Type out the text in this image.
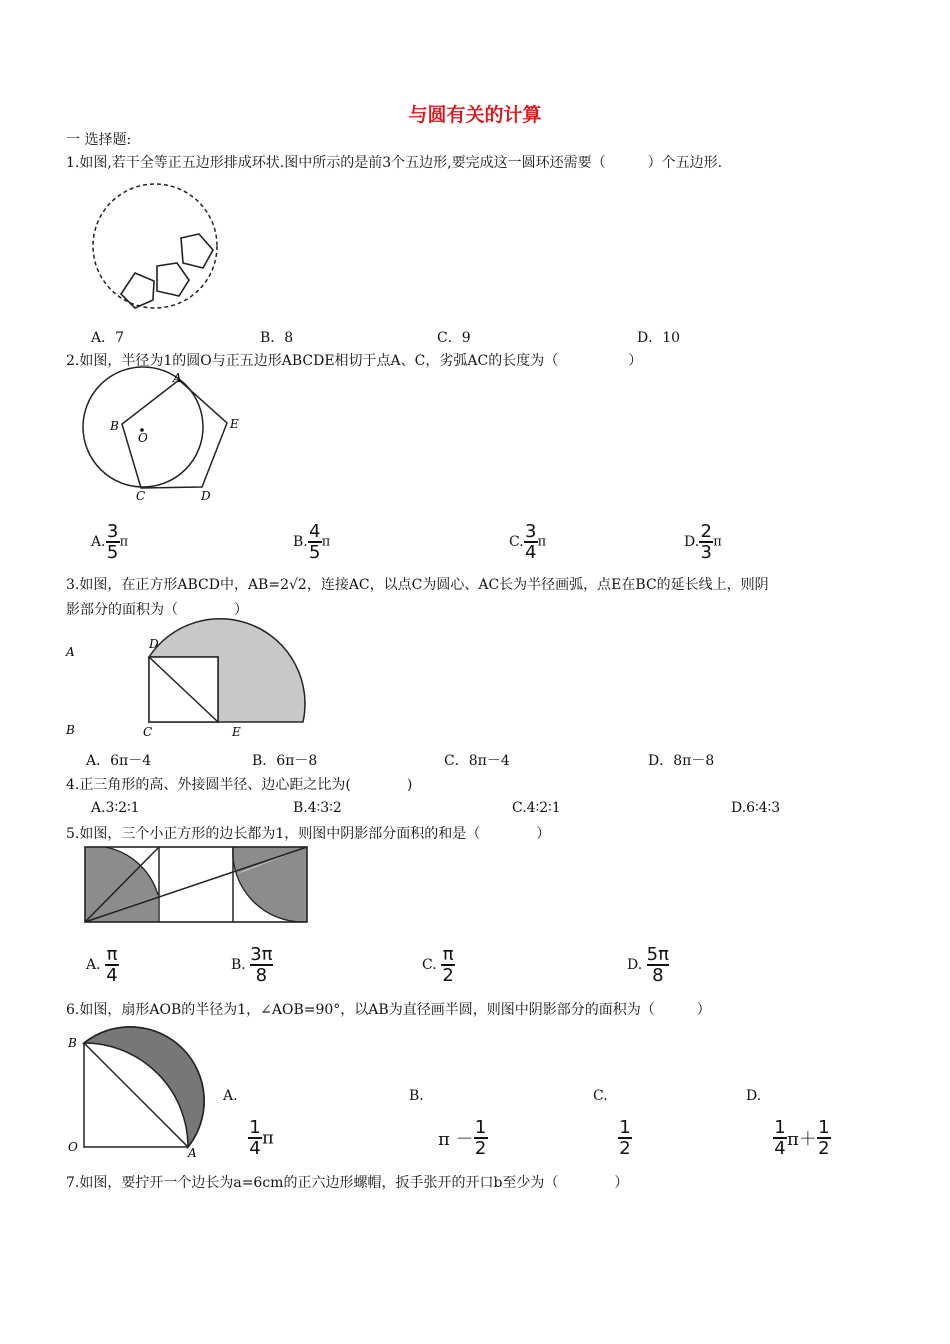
与圆有关的计算
一 选择题:
1.如图,若干全等正五边形排成环状.图中所示的是前3个五边形,要完成这一圆环还需要（　　　）个五边形.
A．7	B．8	C．9	D．10
2.如图，半径为1的圆O与正五边形ABCDE相切于点A、C，劣弧AC的长度为（　　　　　）
A
B
O
E
C	D
A. $\frac{3}{5}$ π	B. $\frac{4}{5}$ π	C. $\frac{3}{4}$ π	D. $\frac{2}{3}$ π
3.如图，在正方形ABCD中，AB=2√2，连接AC，以点C为圆心、AC长为半径画弧，点E在BC的延长线上，则阴
影部分的面积为（　　　　）
A
D
B	C	E
A．6π－4	B．6π－8	C．8π－4	D．8π－8
4.正三角形的高、外接圆半径、边心距之比为(　　　　)
A.3∶2∶1	B.4∶3∶2	C.4∶2∶1	D.6∶4∶3
5.如图，三个小正方形的边长都为1，则图中阴影部分面积的和是（　　　　）
A. $\frac{\pi}{4}$	B. $\frac{3\pi}{8}$	C. $\frac{\pi}{2}$	D. $\frac{5\pi}{8}$
6.如图，扇形AOB的半径为1，∠AOB=90°，以AB为直径画半圆，则图中阴影部分的面积为（　　　）
B
O	A
A.	B.	C.	D.
$\frac{1}{4}$ π	$\pi - \frac{1}{2}$	$\frac{1}{2}$	$\frac{1}{4} \pi+ \frac{1}{2}$
7.如图，要拧开一个边长为a=6cm的正六边形螺帽，扳手张开的开口b至少为（　　　　）
